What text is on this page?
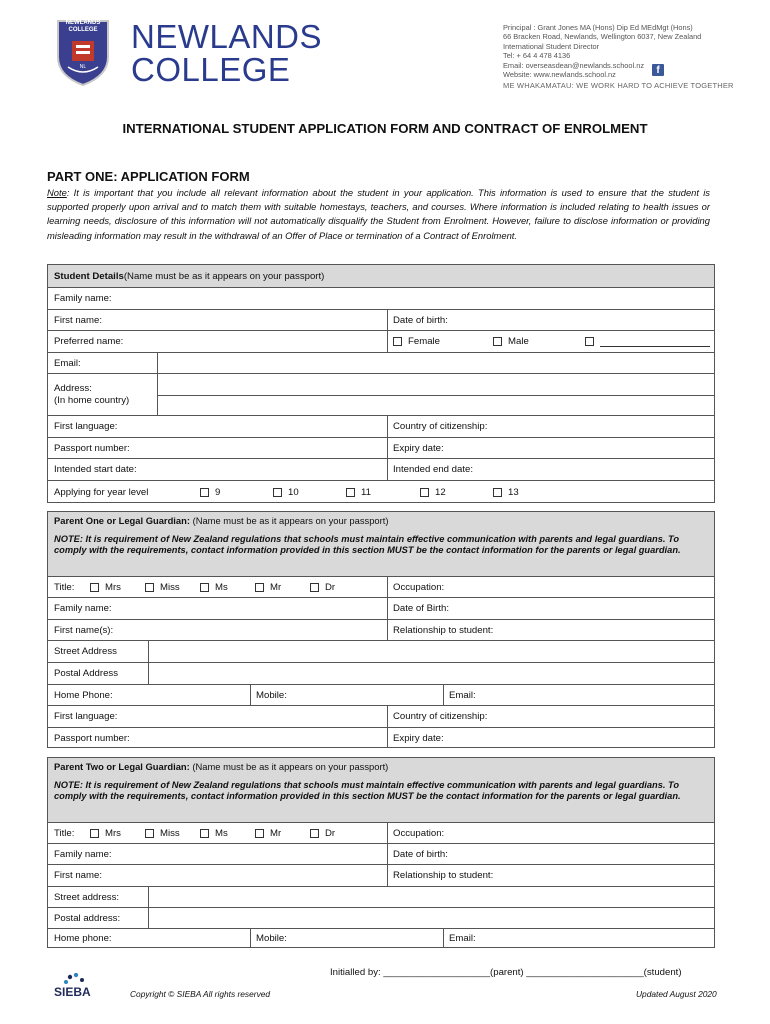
NEWLANDS
COLLEGE
NL
NEWLANDS
COLLEGE
Principal : Grant Jones MA (Hons) Dip Ed MEdMgt (Hons)
66 Bracken Road, Newlands, Wellington 6037, New Zealand
International Student Director
Tel: + 64 4 478 4136
Email: overseasdean@newlands.school.nz
Website: www.newlands.school.nz	f
ME WHAKAMATAU: WE WORK HARD TO ACHIEVE TOGETHER
INTERNATIONAL STUDENT APPLICATION FORM AND CONTRACT OF ENROLMENT
PART ONE: APPLICATION FORM
Note: It is important that you include all relevant information about the student in your application. This information is used to ensure that the student is supported properly upon arrival and to match them with suitable homestays, teachers, and courses. Where information is included relating to health issues or learning needs, disclosure of this information will not automatically disqualify the Student from Enrolment. However, failure to disclose information or providing misleading information may result in the withdrawal of an Offer of Place or termination of a Contract of Enrolment.
Student Details (Name must be as it appears on your passport)
Family name:
First name:	Date of birth:
Preferred name:	Female	Male
Email:
Address:
(In home country)
First language:	Country of citizenship:
Passport number:	Expiry date:
Intended start date:	Intended end date:
Applying for year level	9	10	11	12	13
Parent One or Legal Guardian: (Name must be as it appears on your passport)
NOTE: It is requirement of New Zealand regulations that schools must maintain effective communication with parents and legal guardians. To comply with the requirements, contact information provided in this section MUST be the contact information for the parents or legal guardian.
Title:	Mrs	Miss	Ms	Mr	Dr	Occupation:
Family name:	Date of Birth:
First name(s):	Relationship to student:
Street Address
Postal Address
Home Phone:	Mobile:	Email:
First language:	Country of citizenship:
Passport number:	Expiry date:
Parent Two or Legal Guardian: (Name must be as it appears on your passport)
NOTE: It is requirement of New Zealand regulations that schools must maintain effective communication with parents and legal guardians. To comply with the requirements, contact information provided in this section MUST be the contact information for the parents or legal guardian.
Title:	Mrs	Miss	Ms	Mr	Dr	Occupation:
Family name:	Date of birth:
First name:	Relationship to student:
Street address:
Postal address:
Home phone:	Mobile:	Email:
SIEBA	Copyright © SIEBA All rights reserved
Initialled by: ____________________(parent) ______________________(student)
Updated August 2020
